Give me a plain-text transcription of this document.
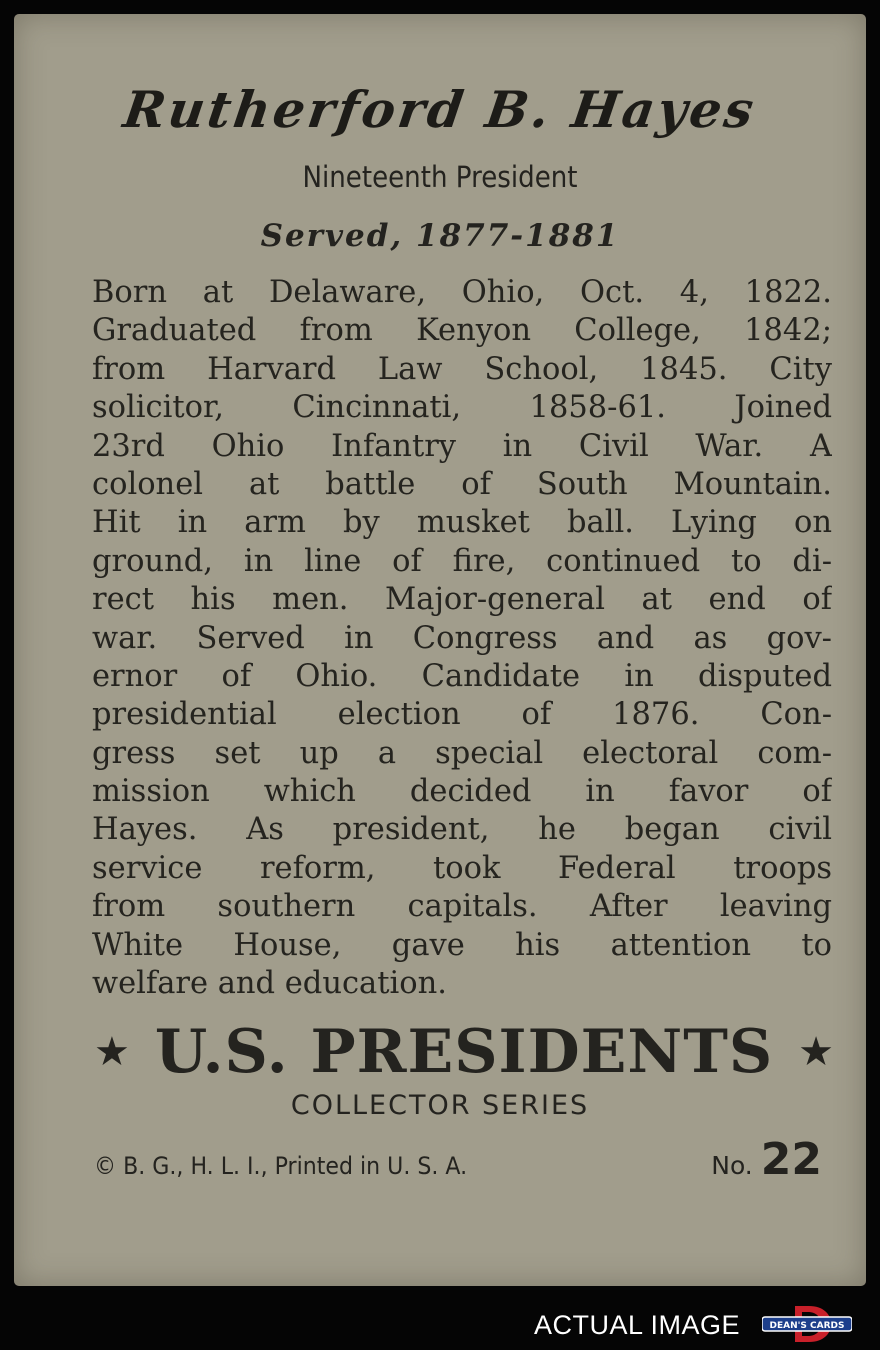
Rutherford B. Hayes
Nineteenth President
Served, 1877-1881
Born at Delaware, Ohio, Oct. 4, 1822.
Graduated from Kenyon College, 1842;
from Harvard Law School, 1845. City
solicitor, Cincinnati, 1858-61. Joined
23rd Ohio Infantry in Civil War. A
colonel at battle of South Mountain.
Hit in arm by musket ball. Lying on
ground, in line of fire, continued to di-
rect his men. Major-general at end of
war. Served in Congress and as gov-
ernor of Ohio. Candidate in disputed
presidential election of 1876. Con-
gress set up a special electoral com-
mission which decided in favor of
Hayes. As president, he began civil
service reform, took Federal troops
from southern capitals. After leaving
White House, gave his attention to
welfare and education.
★ U.S. PRESIDENTS ★
COLLECTOR SERIES
© B. G., H. L. I., Printed in U. S. A.	No. 22
ACTUAL IMAGE	DEAN'S CARDS
